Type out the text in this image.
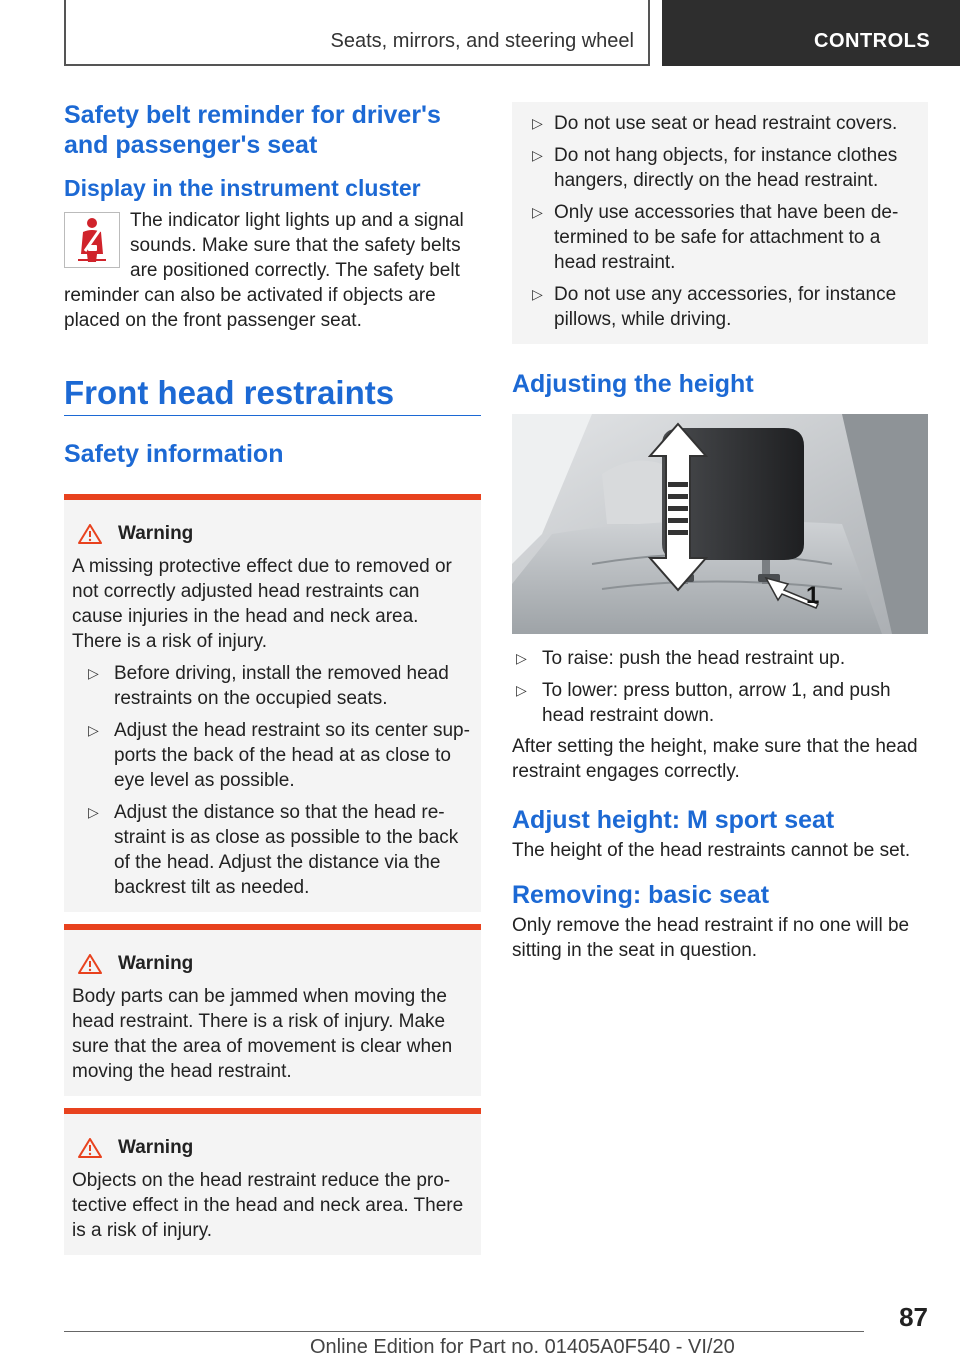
Seats, mirrors, and steering wheel	CONTROLS
Safety belt reminder for driver's and passenger's seat
Display in the instrument cluster

The indicator light lights up and a signal sounds. Make sure that the safety belts are positioned correctly. The safety belt reminder can also be activated if objects are placed on the front passenger seat.

Front head restraints
Safety information
Warning

A missing protective effect due to removed or not correctly adjusted head restraints can cause injuries in the head and neck area. There is a risk of injury.

▷ Before driving, install the removed head restraints on the occupied seats.
▷ Adjust the head restraint so its center sup‐ ports the back of the head at as close to eye level as possible.
▷ Adjust the distance so that the head re‐ straint is as close as possible to the back of the head. Adjust the distance via the backrest tilt as needed.
Warning

Body parts can be jammed when moving the head restraint. There is a risk of injury. Make sure that the area of movement is clear when moving the head restraint.

Warning

Objects on the head restraint reduce the pro‐ tective effect in the head and neck area. There is a risk of injury.

▷ Do not use seat or head restraint covers.
▷ Do not hang objects, for instance clothes hangers, directly on the head restraint.
▷ Only use accessories that have been de‐ termined to be safe for attachment to a head restraint.
▷ Do not use any accessories, for instance pillows, while driving.
Adjusting the height
1
▷ To raise: push the head restraint up.
▷ To lower: press button, arrow 1, and push head restraint down.

After setting the height, make sure that the head restraint engages correctly.

Adjust height: M sport seat

The height of the head restraints cannot be set.

Removing: basic seat

Only remove the head restraint if no one will be sitting in the seat in question.

87
Online Edition for Part no. 01405A0F540 - VI/20
